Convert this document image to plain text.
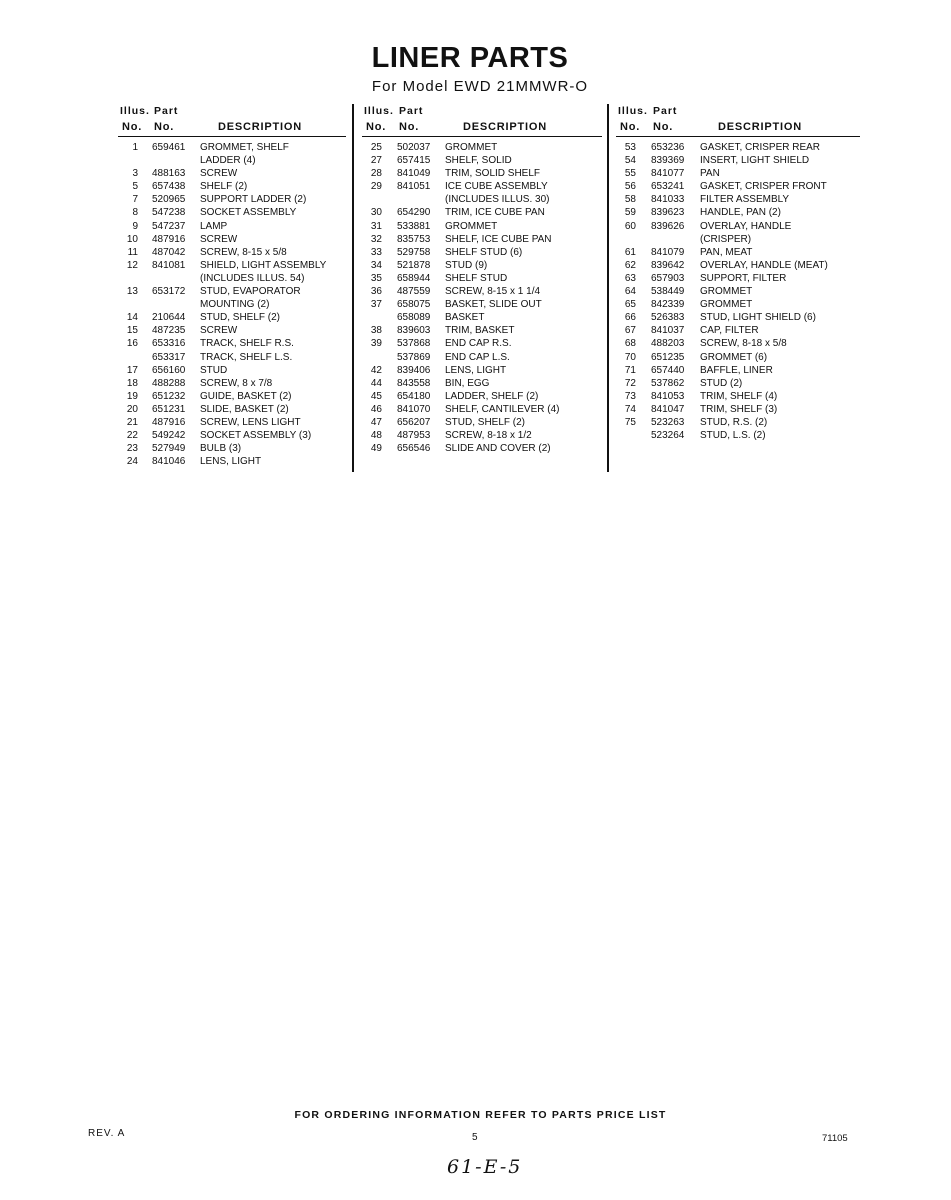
LINER PARTS
For Model EWD 21MMWR-O
Illus. Part
No. No.	DESCRIPTION
1 659461 GROMMET, SHELF
LADDER (4)
3 488163 SCREW
5 657438 SHELF (2)
7 520965 SUPPORT LADDER (2)
8 547238 SOCKET ASSEMBLY
9 547237 LAMP
10 487916 SCREW
11 487042 SCREW, 8-15 x 5/8
12 841081 SHIELD, LIGHT ASSEMBLY
(INCLUDES ILLUS. 54)
13 653172 STUD, EVAPORATOR
MOUNTING (2)
14 210644 STUD, SHELF (2)
15 487235 SCREW
16 653316 TRACK, SHELF R.S.
653317 TRACK, SHELF L.S.
17 656160 STUD
18 488288 SCREW, 8 x 7/8
19 651232 GUIDE, BASKET (2)
20 651231 SLIDE, BASKET (2)
21 487916 SCREW, LENS LIGHT
22 549242 SOCKET ASSEMBLY (3)
23 527949 BULB (3)
24 841046 LENS, LIGHT
Illus. Part
No. No.	DESCRIPTION
25 502037 GROMMET
27 657415 SHELF, SOLID
28 841049 TRIM, SOLID SHELF
29 841051 ICE CUBE ASSEMBLY
(INCLUDES ILLUS. 30)
30 654290 TRIM, ICE CUBE PAN
31 533881 GROMMET
32 835753 SHELF, ICE CUBE PAN
33 529758 SHELF STUD (6)
34 521878 STUD (9)
35 658944 SHELF STUD
36 487559 SCREW, 8-15 x 1 1/4
37 658075 BASKET, SLIDE OUT
658089 BASKET
38 839603 TRIM, BASKET
39 537868 END CAP R.S.
537869 END CAP L.S.
42 839406 LENS, LIGHT
44 843558 BIN, EGG
45 654180 LADDER, SHELF (2)
46 841070 SHELF, CANTILEVER (4)
47 656207 STUD, SHELF (2)
48 487953 SCREW, 8-18 x 1/2
49 656546 SLIDE AND COVER (2)
Illus. Part
No. No.	DESCRIPTION
53 653236 GASKET, CRISPER REAR
54 839369 INSERT, LIGHT SHIELD
55 841077 PAN
56 653241 GASKET, CRISPER FRONT
58 841033 FILTER ASSEMBLY
59 839623 HANDLE, PAN (2)
60 839626 OVERLAY, HANDLE
(CRISPER)
61 841079 PAN, MEAT
62 839642 OVERLAY, HANDLE (MEAT)
63 657903 SUPPORT, FILTER
64 538449 GROMMET
65 842339 GROMMET
66 526383 STUD, LIGHT SHIELD (6)
67 841037 CAP, FILTER
68 488203 SCREW, 8-18 x 5/8
70 651235 GROMMET (6)
71 657440 BAFFLE, LINER
72 537862 STUD (2)
73 841053 TRIM, SHELF (4)
74 841047 TRIM, SHELF (3)
75 523263 STUD, R.S. (2)
523264 STUD, L.S. (2)
FOR ORDERING INFORMATION REFER TO PARTS PRICE LIST
REV. A	5	71105
61-E-5
